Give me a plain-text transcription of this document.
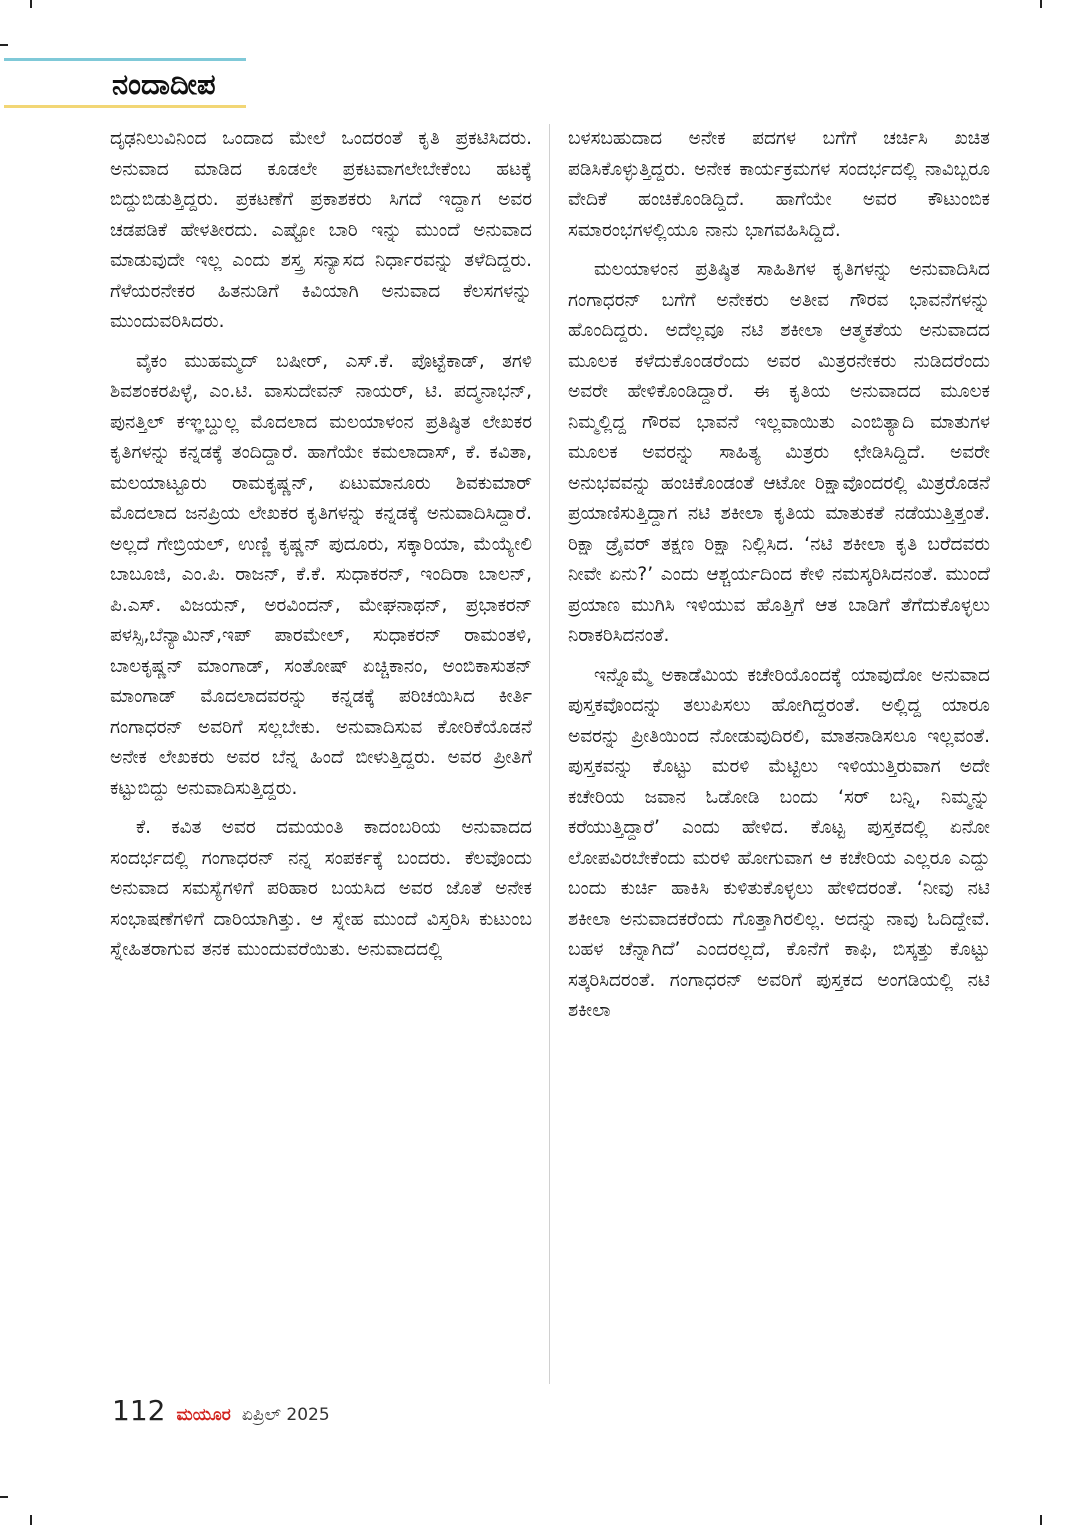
ನಂದಾದೀಪ

ದೃಢನಿಲುವಿನಿಂದ ಒಂದಾದ ಮೇಲೆ ಒಂದರಂತೆ ಕೃತಿ ಪ್ರಕಟಿಸಿದರು. ಅನುವಾದ ಮಾಡಿದ ಕೂಡಲೇ ಪ್ರಕಟವಾಗಲೇಬೇಕೆಂಬ ಹಟಕ್ಕೆ ಬಿದ್ದುಬಿಡುತ್ತಿದ್ದರು. ಪ್ರಕಟಣೆಗೆ ಪ್ರಕಾಶಕರು ಸಿಗದೆ ಇದ್ದಾಗ ಅವರ ಚಡಪಡಿಕೆ ಹೇಳತೀರದು. ಎಷ್ಟೋ ಬಾರಿ ಇನ್ನು ಮುಂದೆ ಅನುವಾದ ಮಾಡುವುದೇ ಇಲ್ಲ ಎಂದು ಶಸ್ತ್ರ ಸನ್ಯಾಸದ ನಿರ್ಧಾರವನ್ನು ತಳೆದಿದ್ದರು. ಗೆಳೆಯರನೇಕರ ಹಿತನುಡಿಗೆ ಕಿವಿಯಾಗಿ ಅನುವಾದ ಕೆಲಸಗಳನ್ನು ಮುಂದುವರಿಸಿದರು.

ವೈಕಂ ಮುಹಮ್ಮದ್ ಬಷೀರ್, ಎಸ್.ಕೆ. ಪೊಟ್ಟೆಕಾಡ್, ತಗಳಿ ಶಿವಶಂಕರಪಿಳ್ಳೆ, ಎಂ.ಟಿ. ವಾಸುದೇವನ್ ನಾಯರ್, ಟಿ. ಪದ್ಮನಾಭನ್, ಪುನತ್ತಿಲ್ ಕಞ್ಞಬ್ದುಲ್ಲ ಮೊದಲಾದ ಮಲಯಾಳಂನ ಪ್ರತಿಷ್ಠಿತ ಲೇಖಕರ ಕೃತಿಗಳನ್ನು ಕನ್ನಡಕ್ಕೆ ತಂದಿದ್ದಾರೆ. ಹಾಗೆಯೇ ಕಮಲಾದಾಸ್, ಕೆ. ಕವಿತಾ, ಮಲಯಾಟ್ಟೂರು ರಾಮಕೃಷ್ಣನ್, ಏಟುಮಾನೂರು ಶಿವಕುಮಾರ್ ಮೊದಲಾದ ಜನಪ್ರಿಯ ಲೇಖಕರ ಕೃತಿಗಳನ್ನು ಕನ್ನಡಕ್ಕೆ ಅನುವಾದಿಸಿದ್ದಾರೆ. ಅಲ್ಲದೆ ಗೇಬ್ರಿಯಲ್, ಉಣ್ಣಿ ಕೃಷ್ಣನ್ ಪುದೂರು, ಸಕ್ಕಾರಿಯಾ, ಮೆಯ್ಯೇಲಿ ಬಾಬೂಜಿ, ಎಂ.ಪಿ. ರಾಜನ್, ಕೆ.ಕೆ. ಸುಧಾಕರನ್, ಇಂದಿರಾ ಬಾಲನ್, ಪಿ.ಎಸ್. ವಿಜಯನ್, ಅರವಿಂದನ್, ಮೇಘನಾಥನ್, ಪ್ರಭಾಕರನ್ ಪಳಸ್ಸಿ,ಬೆನ್ಯಾಮಿನ್,ಇಪ್ ಪಾರಮೇಲ್, ಸುಧಾಕರನ್ ರಾಮಂತಳಿ, ಬಾಲಕೃಷ್ಣನ್ ಮಾಂಗಾಡ್, ಸಂತೋಷ್ ಏಚ್ಚಿಕಾನಂ, ಅಂಬಿಕಾಸುತನ್ ಮಾಂಗಾಡ್ ಮೊದಲಾದವರನ್ನು ಕನ್ನಡಕ್ಕೆ ಪರಿಚಯಿಸಿದ ಕೀರ್ತಿ ಗಂಗಾಧರನ್ ಅವರಿಗೆ ಸಲ್ಲಬೇಕು. ಅನುವಾದಿಸುವ ಕೋರಿಕೆಯೊಡನೆ ಅನೇಕ ಲೇಖಕರು ಅವರ ಬೆನ್ನ ಹಿಂದೆ ಬೀಳುತ್ತಿದ್ದರು. ಅವರ ಪ್ರೀತಿಗೆ ಕಟ್ಟುಬಿದ್ದು ಅನುವಾದಿಸುತ್ತಿದ್ದರು.

ಕೆ. ಕವಿತ ಅವರ ದಮಯಂತಿ ಕಾದಂಬರಿಯ ಅನುವಾದದ ಸಂದರ್ಭದಲ್ಲಿ ಗಂಗಾಧರನ್ ನನ್ನ ಸಂಪರ್ಕಕ್ಕೆ ಬಂದರು. ಕೆಲವೊಂದು ಅನುವಾದ ಸಮಸ್ಯೆಗಳಿಗೆ ಪರಿಹಾರ ಬಯಸಿದ ಅವರ ಜೊತೆ ಅನೇಕ ಸಂಭಾಷಣೆಗಳಿಗೆ ದಾರಿಯಾಗಿತ್ತು. ಆ ಸ್ನೇಹ ಮುಂದೆ ವಿಸ್ತರಿಸಿ ಕುಟುಂಬ ಸ್ನೇಹಿತರಾಗುವ ತನಕ ಮುಂದುವರೆಯಿತು. ಅನುವಾದದಲ್ಲಿ

ಬಳಸಬಹುದಾದ ಅನೇಕ ಪದಗಳ ಬಗೆಗೆ ಚರ್ಚಿಸಿ ಖಚಿತ ಪಡಿಸಿಕೊಳ್ಳುತ್ತಿದ್ದರು. ಅನೇಕ ಕಾರ್ಯಕ್ರಮಗಳ ಸಂದರ್ಭದಲ್ಲಿ ನಾವಿಬ್ಬರೂ ವೇದಿಕೆ ಹಂಚಿಕೊಂಡಿದ್ದಿದೆ. ಹಾಗೆಯೇ ಅವರ ಕೌಟುಂಬಿಕ ಸಮಾರಂಭಗಳಲ್ಲಿಯೂ ನಾನು ಭಾಗವಹಿಸಿದ್ದಿದೆ.

ಮಲಯಾಳಂನ ಪ್ರತಿಷ್ಠಿತ ಸಾಹಿತಿಗಳ ಕೃತಿಗಳನ್ನು ಅನುವಾದಿಸಿದ ಗಂಗಾಧರನ್ ಬಗೆಗೆ ಅನೇಕರು ಅತೀವ ಗೌರವ ಭಾವನೆಗಳನ್ನು ಹೊಂದಿದ್ದರು. ಅದೆಲ್ಲವೂ ನಟಿ ಶಕೀಲಾ ಆತ್ಮಕತೆಯ ಅನುವಾದದ ಮೂಲಕ ಕಳೆದುಕೊಂಡರೆಂದು ಅವರ ಮಿತ್ರರನೇಕರು ನುಡಿದರೆಂದು ಅವರೇ ಹೇಳಿಕೊಂಡಿದ್ದಾರೆ. ಈ ಕೃತಿಯ ಅನುವಾದದ ಮೂಲಕ ನಿಮ್ಮಲ್ಲಿದ್ದ ಗೌರವ ಭಾವನೆ ಇಲ್ಲವಾಯಿತು ಎಂಬಿತ್ಯಾದಿ ಮಾತುಗಳ ಮೂಲಕ ಅವರನ್ನು ಸಾಹಿತ್ಯ ಮಿತ್ರರು ಛೇಡಿಸಿದ್ದಿದೆ. ಅವರೇ ಅನುಭವವನ್ನು ಹಂಚಿಕೊಂಡಂತೆ ಆಟೋ ರಿಕ್ಷಾವೊಂದರಲ್ಲಿ ಮಿತ್ರರೊಡನೆ ಪ್ರಯಾಣಿಸುತ್ತಿದ್ದಾಗ ನಟಿ ಶಕೀಲಾ ಕೃತಿಯ ಮಾತುಕತೆ ನಡೆಯುತ್ತಿತ್ತಂತೆ. ರಿಕ್ಷಾ ಡ್ರೈವರ್ ತಕ್ಷಣ ರಿಕ್ಷಾ ನಿಲ್ಲಿಸಿದ. ‘ನಟಿ ಶಕೀಲಾ ಕೃತಿ ಬರೆದವರು ನೀವೇ ಏನು?’ ಎಂದು ಆಶ್ಚರ್ಯದಿಂದ ಕೇಳಿ ನಮಸ್ಕರಿಸಿದನಂತೆ. ಮುಂದೆ ಪ್ರಯಾಣ ಮುಗಿಸಿ ಇಳಿಯುವ ಹೊತ್ತಿಗೆ ಆತ ಬಾಡಿಗೆ ತೆಗೆದುಕೊಳ್ಳಲು ನಿರಾಕರಿಸಿದನಂತೆ.

ಇನ್ನೊಮ್ಮೆ ಅಕಾಡೆಮಿಯ ಕಚೇರಿಯೊಂದಕ್ಕೆ ಯಾವುದೋ ಅನುವಾದ ಪುಸ್ತಕವೊಂದನ್ನು ತಲುಪಿಸಲು ಹೋಗಿದ್ದರಂತೆ. ಅಲ್ಲಿದ್ದ ಯಾರೂ ಅವರನ್ನು ಪ್ರೀತಿಯಿಂದ ನೋಡುವುದಿರಲಿ, ಮಾತನಾಡಿಸಲೂ ಇಲ್ಲವಂತೆ. ಪುಸ್ತಕವನ್ನು ಕೊಟ್ಟು ಮರಳಿ ಮೆಟ್ಟಿಲು ಇಳಿಯುತ್ತಿರುವಾಗ ಅದೇ ಕಚೇರಿಯ ಜವಾನ ಓಡೋಡಿ ಬಂದು ‘ಸರ್ ಬನ್ನಿ, ನಿಮ್ಮನ್ನು ಕರೆಯುತ್ತಿದ್ದಾರೆ’ ಎಂದು ಹೇಳಿದ. ಕೊಟ್ಟ ಪುಸ್ತಕದಲ್ಲಿ ಏನೋ ಲೋಪವಿರಬೇಕೆಂದು ಮರಳಿ ಹೋಗುವಾಗ ಆ ಕಚೇರಿಯ ಎಲ್ಲರೂ ಎದ್ದು ಬಂದು ಕುರ್ಚಿ ಹಾಕಿಸಿ ಕುಳಿತುಕೊಳ್ಳಲು ಹೇಳಿದರಂತೆ. ‘ನೀವು ನಟಿ ಶಕೀಲಾ ಅನುವಾದಕರೆಂದು ಗೊತ್ತಾಗಿರಲಿಲ್ಲ. ಅದನ್ನು ನಾವು ಓದಿದ್ದೇವೆ. ಬಹಳ ಚೆನ್ನಾಗಿದೆ’ ಎಂದರಲ್ಲದೆ, ಕೊನೆಗೆ ಕಾಫಿ, ಬಿಸ್ಕತ್ತು ಕೊಟ್ಟು ಸತ್ಕರಿಸಿದರಂತೆ. ಗಂಗಾಧರನ್ ಅವರಿಗೆ ಪುಸ್ತಕದ ಅಂಗಡಿಯಲ್ಲಿ ನಟಿ ಶಕೀಲಾ

112 ಮಯೂರ ಏಪ್ರಿಲ್ 2025
